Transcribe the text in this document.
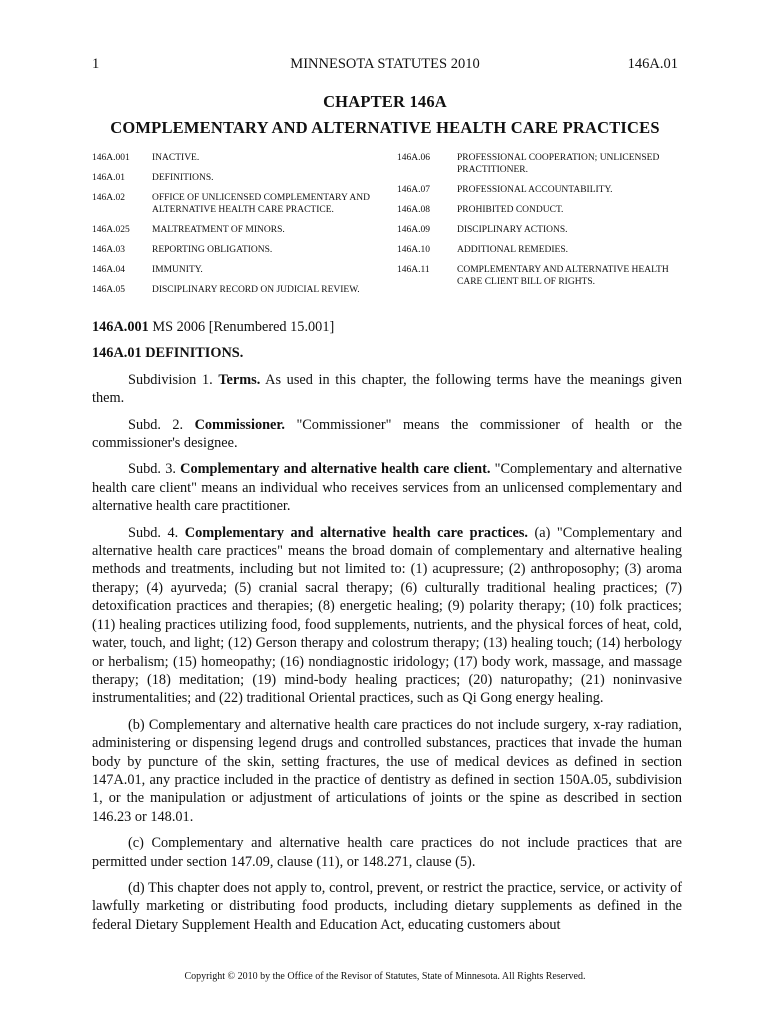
1	MINNESOTA STATUTES 2010	146A.01
CHAPTER 146A
COMPLEMENTARY AND ALTERNATIVE HEALTH CARE PRACTICES
146A.001	INACTIVE.
146A.01	DEFINITIONS.
146A.02	OFFICE OF UNLICENSED COMPLEMENTARY AND ALTERNATIVE HEALTH CARE PRACTICE.
146A.025	MALTREATMENT OF MINORS.
146A.03	REPORTING OBLIGATIONS.
146A.04	IMMUNITY.
146A.05	DISCIPLINARY RECORD ON JUDICIAL REVIEW.
146A.06	PROFESSIONAL COOPERATION; UNLICENSED PRACTITIONER.
146A.07	PROFESSIONAL ACCOUNTABILITY.
146A.08	PROHIBITED CONDUCT.
146A.09	DISCIPLINARY ACTIONS.
146A.10	ADDITIONAL REMEDIES.
146A.11	COMPLEMENTARY AND ALTERNATIVE HEALTH CARE CLIENT BILL OF RIGHTS.

146A.001 MS 2006 [Renumbered 15.001]

146A.01 DEFINITIONS.

Subdivision 1. Terms. As used in this chapter, the following terms have the meanings given them.

Subd. 2. Commissioner. "Commissioner" means the commissioner of health or the commissioner's designee.

Subd. 3. Complementary and alternative health care client. "Complementary and alternative health care client" means an individual who receives services from an unlicensed complementary and alternative health care practitioner.

Subd. 4. Complementary and alternative health care practices. (a) "Complementary and alternative health care practices" means the broad domain of complementary and alternative healing methods and treatments, including but not limited to: (1) acupressure; (2) anthroposophy; (3) aroma therapy; (4) ayurveda; (5) cranial sacral therapy; (6) culturally traditional healing practices; (7) detoxification practices and therapies; (8) energetic healing; (9) polarity therapy; (10) folk practices; (11) healing practices utilizing food, food supplements, nutrients, and the physical forces of heat, cold, water, touch, and light; (12) Gerson therapy and colostrum therapy; (13) healing touch; (14) herbology or herbalism; (15) homeopathy; (16) nondiagnostic iridology; (17) body work, massage, and massage therapy; (18) meditation; (19) mind-body healing practices; (20) naturopathy; (21) noninvasive instrumentalities; and (22) traditional Oriental practices, such as Qi Gong energy healing.

(b) Complementary and alternative health care practices do not include surgery, x-ray radiation, administering or dispensing legend drugs and controlled substances, practices that invade the human body by puncture of the skin, setting fractures, the use of medical devices as defined in section 147A.01, any practice included in the practice of dentistry as defined in section 150A.05, subdivision 1, or the manipulation or adjustment of articulations of joints or the spine as described in section 146.23 or 148.01.

(c) Complementary and alternative health care practices do not include practices that are permitted under section 147.09, clause (11), or 148.271, clause (5).

(d) This chapter does not apply to, control, prevent, or restrict the practice, service, or activity of lawfully marketing or distributing food products, including dietary supplements as defined in the federal Dietary Supplement Health and Education Act, educating customers about

Copyright © 2010 by the Office of the Revisor of Statutes, State of Minnesota. All Rights Reserved.
